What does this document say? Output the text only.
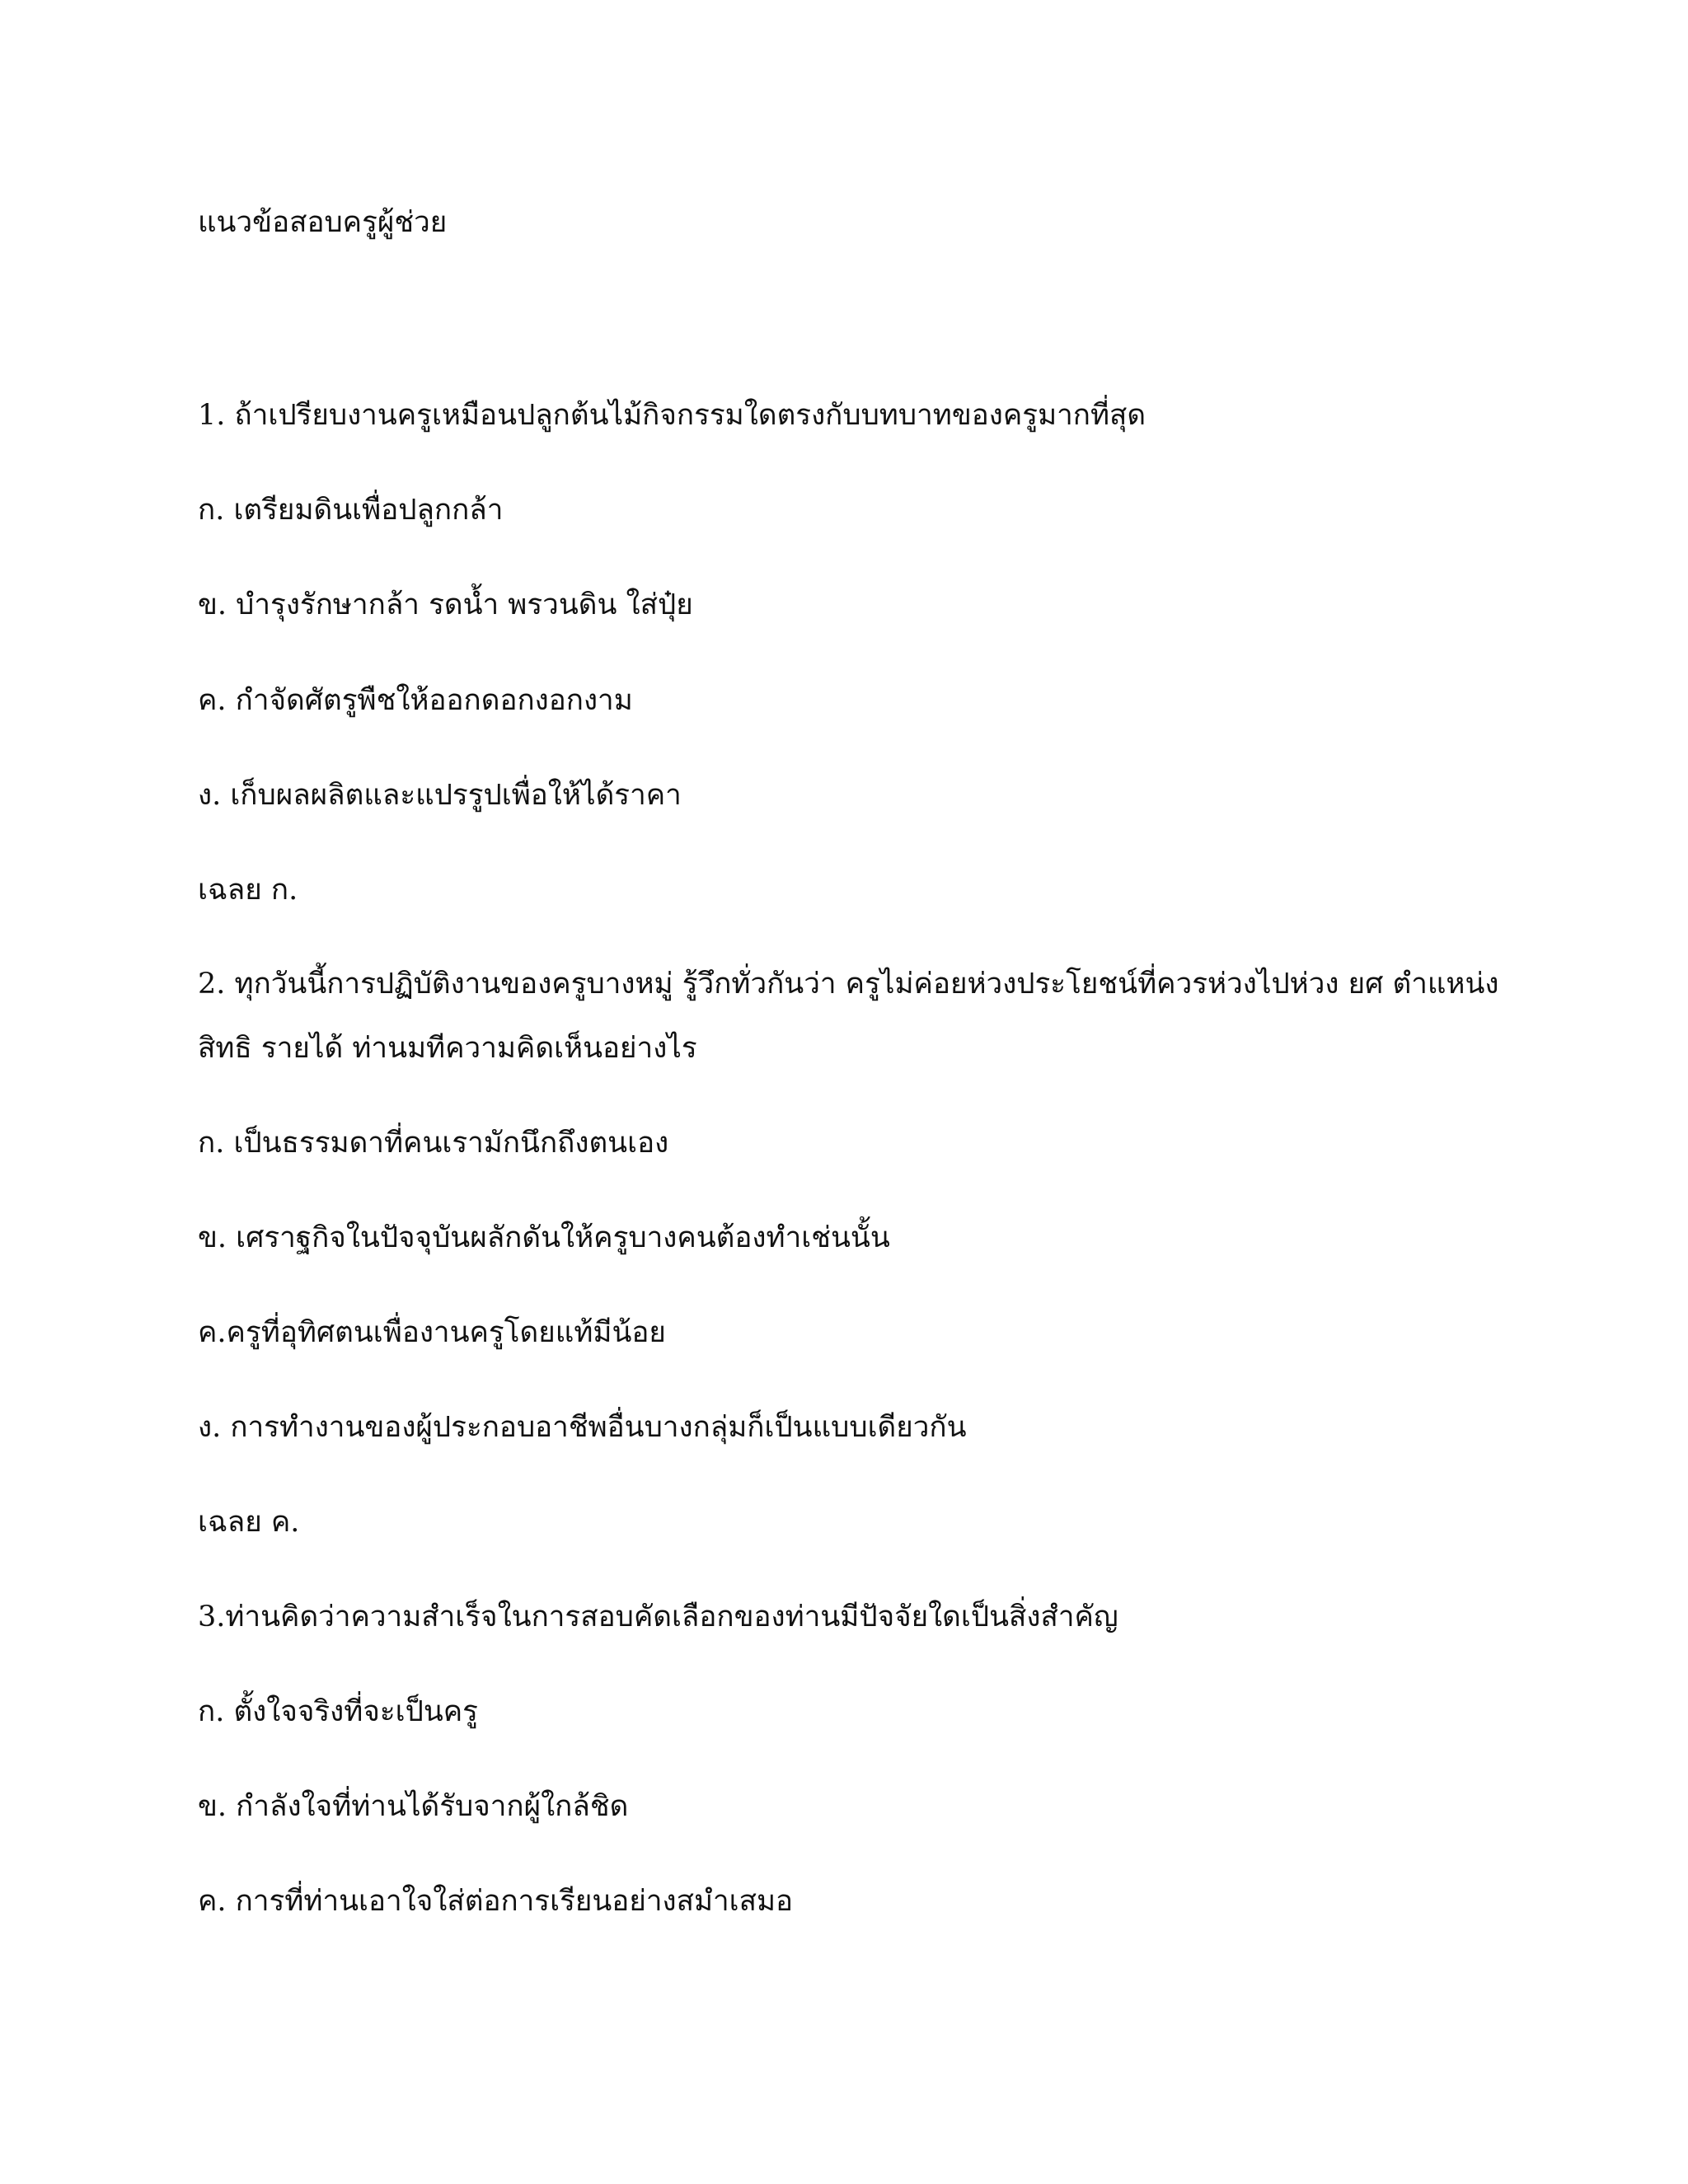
แนวข้อสอบครูผู้ช่วย
1. ถ้าเปรียบงานครูเหมือนปลูกต้นไม้กิจกรรมใดตรงกับบทบาทของครูมากที่สุด
ก. เตรียมดินเพื่อปลูกกล้า
ข. บำรุงรักษากล้า รดน้ำ พรวนดิน ใส่ปุ๋ย
ค. กำจัดศัตรูพืชให้ออกดอกงอกงาม
ง. เก็บผลผลิตและแปรรูปเพื่อให้ได้ราคา
เฉลย ก.
2. ทุกวันนี้การปฏิบัติงานของครูบางหมู่ รู้วึกทั่วกันว่า ครูไม่ค่อยห่วงประโยชน์ที่ควรห่วงไปห่วง ยศ ตำแหน่ง
สิทธิ รายได้ ท่านมทีความคิดเห็นอย่างไร
ก. เป็นธรรมดาที่คนเรามักนึกถึงตนเอง
ข. เศราฐกิจในปัจจุบันผลักดันให้ครูบางคนต้องทำเช่นนั้น
ค.ครูที่อุทิศตนเพื่องานครูโดยแท้มีน้อย
ง. การทำงานของผู้ประกอบอาชีพอื่นบางกลุ่มก็เป็นแบบเดียวกัน
เฉลย ค.
3.ท่านคิดว่าความสำเร็จในการสอบคัดเลือกของท่านมีปัจจัยใดเป็นสิ่งสำคัญ
ก. ตั้งใจจริงที่จะเป็นครู
ข. กำลังใจที่ท่านได้รับจากผู้ใกล้ชิด
ค. การที่ท่านเอาใจใส่ต่อการเรียนอย่างสมำเสมอ
